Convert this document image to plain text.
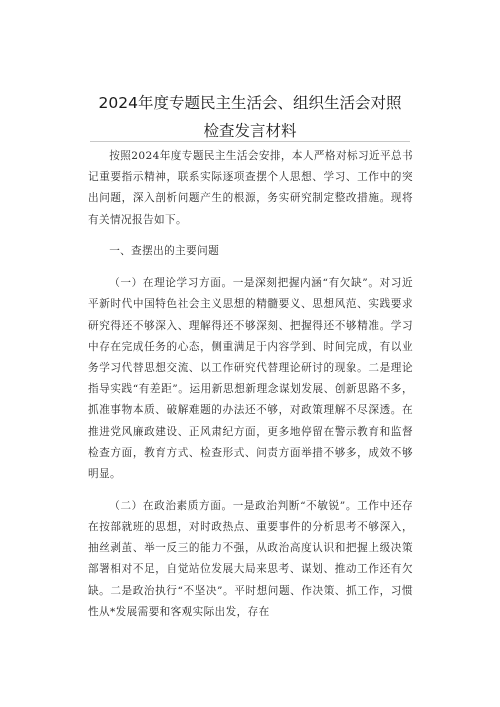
2024年度专题民主生活会、组织生活会对照
检查发言材料

按照2024年度专题民主生活会安排，本人严格对标习近平总书记重要指示精神，联系实际逐项查摆个人思想、学习、工作中的突出问题，深入剖析问题产生的根源，务实研究制定整改措施。现将有关情况报告如下。

一、查摆出的主要问题

（一）在理论学习方面。一是深刻把握内涵“有欠缺”。对习近平新时代中国特色社会主义思想的精髓要义、思想风范、实践要求研究得还不够深入、理解得还不够深刻、把握得还不够精准。学习中存在完成任务的心态，侧重满足于内容学到、时间完成，有以业务学习代替思想交流、以工作研究代替理论研讨的现象。二是理论指导实践“有差距”。运用新思想新理念谋划发展、创新思路不多，抓准事物本质、破解难题的办法还不够，对政策理解不尽深透。在推进党风廉政建设、正风肃纪方面，更多地停留在警示教育和监督检查方面，教育方式、检查形式、问责方面举措不够多，成效不够明显。

（二）在政治素质方面。一是政治判断“不敏锐”。工作中还存在按部就班的思想，对时政热点、重要事件的分析思考不够深入，抽丝剥茧、举一反三的能力不强，从政治高度认识和把握上级决策部署相对不足，自觉站位发展大局来思考、谋划、推动工作还有欠缺。二是政治执行“不坚决”。平时想问题、作决策、抓工作，习惯性从*发展需要和客观实际出发，存在
